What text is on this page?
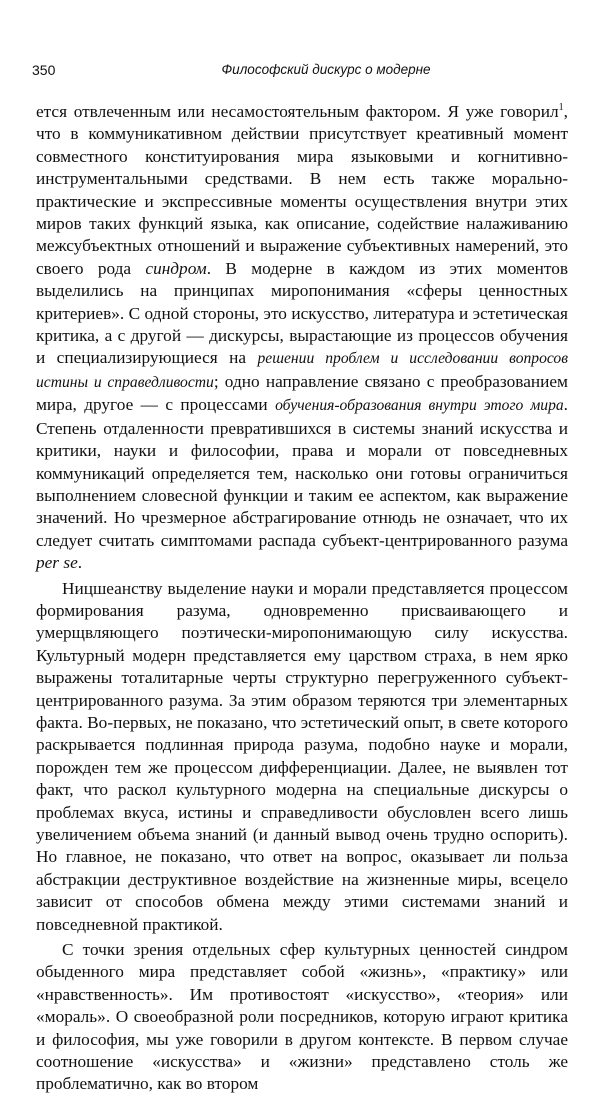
350	Философский дискурс о модерне

ется отвлеченным или несамостоятельным фактором. Я уже говорил$^1$, что в коммуникативном действии присутствует креативный момент совместного конституирования мира языковыми и когнитивно-инструментальными средствами. В нем есть также морально-практические и экспрессивные моменты осуществления внутри этих миров таких функций языка, как описание, содействие налаживанию межсубъектных отношений и выражение субъективных намерений, это своего рода синдром. В модерне в каждом из этих моментов выделились на принципах миропонимания «сферы ценностных критериев». С одной стороны, это искусство, литература и эстетическая критика, а с другой — дискурсы, вырастающие из процессов обучения и специализирующиеся на решении проблем и исследовании вопросов истины и справедливости; одно направление связано с преобразованием мира, другое — с процессами обучения-образования внутри этого мира. Степень отдаленности превратившихся в системы знаний искусства и критики, науки и философии, права и морали от повседневных коммуникаций определяется тем, насколько они готовы ограничиться выполнением словесной функции и таким ее аспектом, как выражение значений. Но чрезмерное абстрагирование отнюдь не означает, что их следует считать симптомами распада субъект-центрированного разума per se.

Ницшеанству выделение науки и морали представляется процессом формирования разума, одновременно присваивающего и умерщвляющего поэтически-миропонимающую силу искусства. Культурный модерн представляется ему царством страха, в нем ярко выражены тоталитарные черты структурно перегруженного субъект-центрированного разума. За этим образом теряются три элементарных факта. Во-первых, не показано, что эстетический опыт, в свете которого раскрывается подлинная природа разума, подобно науке и морали, порожден тем же процессом дифференциации. Далее, не выявлен тот факт, что раскол культурного модерна на специальные дискурсы о проблемах вкуса, истины и справедливости обусловлен всего лишь увеличением объема знаний (и данный вывод очень трудно оспорить). Но главное, не показано, что ответ на вопрос, оказывает ли польза абстракции деструктивное воздействие на жизненные миры, всецело зависит от способов обмена между этими системами знаний и повседневной практикой.

С точки зрения отдельных сфер культурных ценностей синдром обыденного мира представляет собой «жизнь», «практику» или «нравственность». Им противостоят «искусство», «теория» или «мораль». О своеобразной роли посредников, которую играют критика и философия, мы уже говорили в другом контексте. В первом случае соотношение «искусства» и «жизни» представлено столь же проблематично, как во втором
